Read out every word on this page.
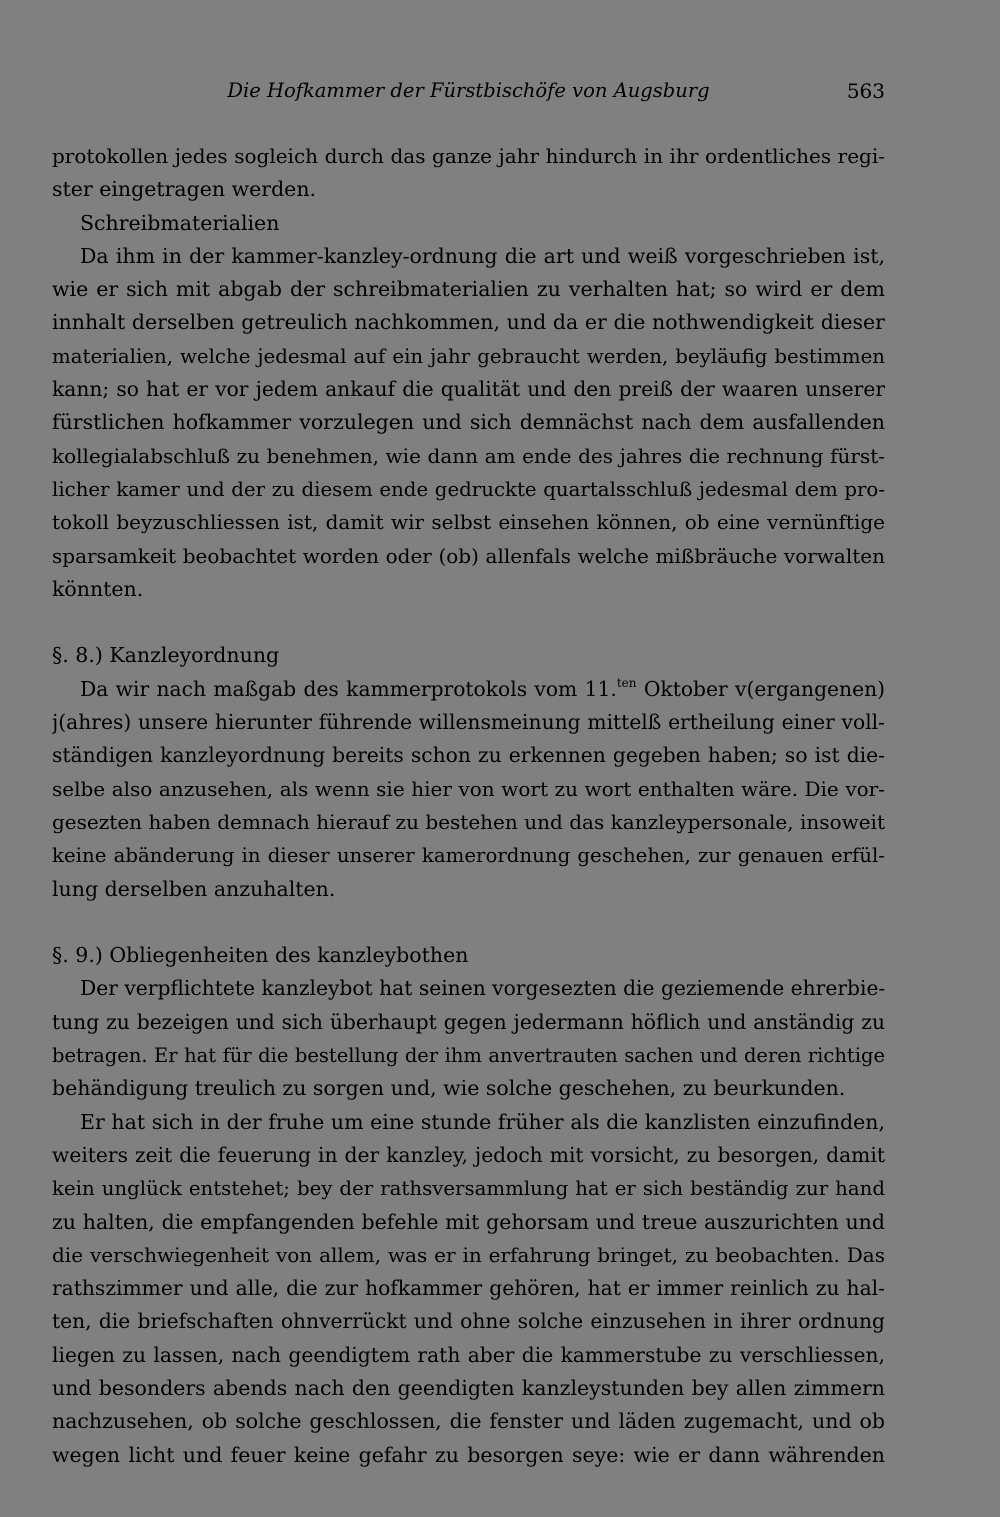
Die Hofkammer der Fürstbischöfe von Augsburg	563
protokollen jedes sogleich durch das ganze jahr hindurch in ihr ordentliches regi-
ster eingetragen werden.
Schreibmaterialien
Da ihm in der kammer-kanzley-ordnung die art und weiß vorgeschrieben ist,
wie er sich mit abgab der schreibmaterialien zu verhalten hat; so wird er dem
innhalt derselben getreulich nachkommen, und da er die nothwendigkeit dieser
materialien, welche jedesmal auf ein jahr gebraucht werden, beyläufig bestimmen
kann; so hat er vor jedem ankauf die qualität und den preiß der waaren unserer
fürstlichen hofkammer vorzulegen und sich demnächst nach dem ausfallenden
kollegialabschluß zu benehmen, wie dann am ende des jahres die rechnung fürst-
licher kamer und der zu diesem ende gedruckte quartalsschluß jedesmal dem pro-
tokoll beyzuschliessen ist, damit wir selbst einsehen können, ob eine vernünftige
sparsamkeit beobachtet worden oder (ob) allenfals welche mißbräuche vorwalten
könnten.
§. 8.) Kanzleyordnung
Da wir nach maßgab des kammerprotokols vom 11.$^{ten}$ Oktober v(ergangenen)
j(ahres) unsere hierunter führende willensmeinung mittelß ertheilung einer voll-
ständigen kanzleyordnung bereits schon zu erkennen gegeben haben; so ist die-
selbe also anzusehen, als wenn sie hier von wort zu wort enthalten wäre. Die vor-
gesezten haben demnach hierauf zu bestehen und das kanzleypersonale, insoweit
keine abänderung in dieser unserer kamerordnung geschehen, zur genauen erfül-
lung derselben anzuhalten.
§. 9.) Obliegenheiten des kanzleybothen
Der verpflichtete kanzleybot hat seinen vorgesezten die geziemende ehrerbie-
tung zu bezeigen und sich überhaupt gegen jedermann höflich und anständig zu
betragen. Er hat für die bestellung der ihm anvertrauten sachen und deren richtige
behändigung treulich zu sorgen und, wie solche geschehen, zu beurkunden.
Er hat sich in der fruhe um eine stunde früher als die kanzlisten einzufinden,
weiters zeit die feuerung in der kanzley, jedoch mit vorsicht, zu besorgen, damit
kein unglück entstehet; bey der rathsversammlung hat er sich beständig zur hand
zu halten, die empfangenden befehle mit gehorsam und treue auszurichten und
die verschwiegenheit von allem, was er in erfahrung bringet, zu beobachten. Das
rathszimmer und alle, die zur hofkammer gehören, hat er immer reinlich zu hal-
ten, die briefschaften ohnverrückt und ohne solche einzusehen in ihrer ordnung
liegen zu lassen, nach geendigtem rath aber die kammerstube zu verschliessen,
und besonders abends nach den geendigten kanzleystunden bey allen zimmern
nachzusehen, ob solche geschlossen, die fenster und läden zugemacht, und ob
wegen licht und feuer keine gefahr zu besorgen seye: wie er dann währenden
